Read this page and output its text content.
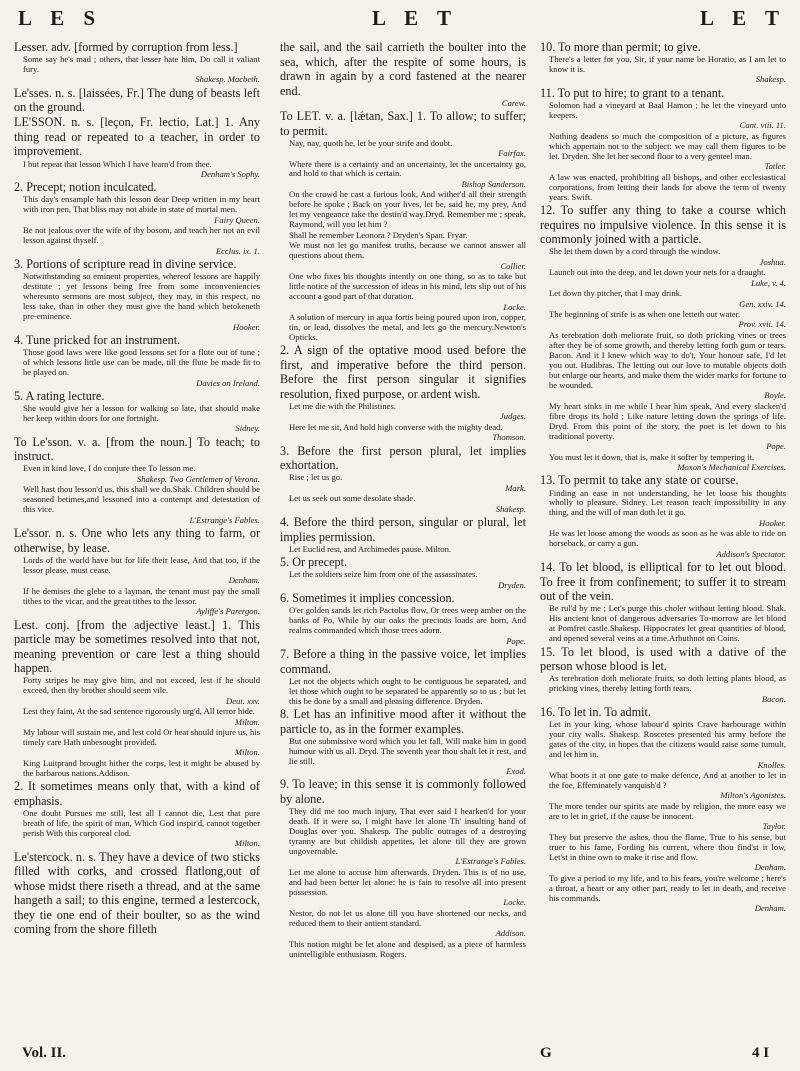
L E S	L E T	L E T

Lesser. adv. [formed by corruption from less.]

Some say he's mad ; others, that lesser hate him, Do call it valiant fury.

Shakesp. Macbeth.

Le'sses. n. s. [laissées, Fr.] The dung of beasts left on the ground.

LE'SSON. n. s. [leçon, Fr. lectio, Lat.] 1. Any thing read or repeated to a teacher, in order to improvement.

I but repeat that lesson Which I have learn'd from thee.

Denham's Sophy.

2. Precept; notion inculcated.

This day's ensample hath this lesson dear Deep written in my heart with iron pen, That bliss may not abide in state of mortal men.

Fairy Queen.

Be not jealous over the wife of thy bosom, and teach her not an evil lesson against thyself.

Ecclus. ix. 1.

3. Portions of scripture read in divine service.

Notwithstanding so eminent properties, whereof lessons are happily destitute ; yet lessons being free from some inconveniencies whereunto sermons are most subject, they may, in this respect, no less take, than in other they must give the hand which betokeneth pre-eminence.

Hooker.

4. Tune pricked for an instrument.

Those good laws were like good lessons set for a flute out of tune ; of which lessons little use can be made, till the flute be made fit to be played on.

Davies on Ireland.

5. A rating lecture.

She would give her a lesson for walking so late, that should make her keep within doors for one fortnight.

Sidney.

To Le'sson. v. a. [from the noun.] To teach; to instruct.

Even in kind love, I do conjure thee To lesson me.

Shakesp. Two Gentlemen of Verona.

Well hast thou lesson'd us, this shall we do.Shak. Children should be seasoned betimes,and lessoned into a contempt and detestation of this vice.

L'Estrange's Fables.

Le'ssor. n. s. One who lets any thing to farm, or otherwise, by lease.

Lords of the world have but for life their lease, And that too, if the lessor please, must cease.

Denham.

If he demises the glebe to a layman, the tenant must pay the small tithes to the vicar, and the great tithes to the lessor.

Ayliffe's Parergon.

Lest. conj. [from the adjective least.] 1. This particle may be sometimes resolved into that not, meaning prevention or care lest a thing should happen.

Forty stripes he may give him, and not exceed, lest if he should exceed, then thy brother should seem vile.

Deut. xxv.

Lest they faint, At the sad sentence rigorously urg'd, All terror hide.

Milton.

My labour will sustain me, and lest cold Or heat should injure us, his timely care Hath unbesought provided.

Milton.

King Luitprand brought hither the corps, lest it might be abused by the barbarous nations.Addison.

2. It sometimes means only that, with a kind of emphasis.

One doubt Pursues me still, lest all I cannot die, Lest that pure breath of life, the spirit of man, Which God inspir'd, cannot together perish With this corporeal clod.

Milton.

Le'stercock. n. s. They have a device of two sticks filled with corks, and crossed flatlong,out of whose midst there riseth a thread, and at the same hangeth a sail; to this engine, termed a lestercock, they tie one end of their boulter, so as the wind coming from the shore filleth

the sail, and the sail carrieth the boulter into the sea, which, after the respite of some hours, is drawn in again by a cord fastened at the nearer end.

Carew.

To LET. v. a. [lǽtan, Sax.] 1. To allow; to suffer; to permit.

Nay, nay, quoth he, let be your strife and doubt.

Fairfax.

Where there is a certainty and an uncertainty, let the uncertainty go, and hold to that which is certain.

Bishop Sanderson.

On the crowd he cast a furious look, And wither'd all their strength before he spoke ; Back on your lives, let be, said he, my prey, And let my vengeance take the destin'd way.Dryd. Remember me ; speak, Raymond, will you let him ?

Shall he remember Leonora ? Dryden's Span. Fryar.

We must not let go manifest truths, because we cannot answer all questions about them.

Collier.

One who fixes his thoughts intently on one thing, so as to take but little notice of the succession of ideas in his mind, lets slip out of his account a good part of that duration.

Locke.

A solution of mercury in aqua fortis being poured upon iron, copper, tin, or lead, dissolves the metal, and lets go the mercury.Newton's Opticks.

2. A sign of the optative mood used before the first, and imperative before the third person. Before the first person singular it signifies resolution, fixed purpose, or ardent wish.

Let me die with the Philistines.

Judges.

Here let me sit, And hold high converse with the mighty dead.

Thomson.

3. Before the first person plural, let implies exhortation.

Rise ; let us go.

Mark.

Let us seek out some desolate shade.

Shakesp.

4. Before the third person, singular or plural, let implies permission.

Let Euclid rest, and Archimedes pause. Milton.

5. Or precept.

Let the soldiers seize him from one of the assassinates.

Dryden.

6. Sometimes it implies concession.

O'er golden sands let rich Pactolus flow, Or trees weep amber on the banks of Po, While by our oaks the precious loads are born, And realms commanded which those trees adorn.

Pope.

7. Before a thing in the passive voice, let implies command.

Let not the objects which ought to be contiguous be separated, and let those which ought to be separated be apparently so to us ; but let this be done by a small and pleasing difference. Dryden.

8. Let has an infinitive mood after it without the particle to, as in the former examples.

But one submissive word which you let fall, Will make him in good humour with us all. Dryd. The seventh year thou shalt let it rest, and lie still.

Exod.

9. To leave; in this sense it is commonly followed by alone.

They did me too much injury, That ever said I hearken'd for your death. If it were so, I might have let alone Th' insulting hand of Douglas over you. Shakesp. The public outrages of a destroying tyranny are but childish appetites, let alone till they are grown ungovernable.

L'Estrange's Fables.

Let me alone to accuse him afterwards. Dryden. This is of no use, and had been better let alone: he is fain to resolve all into present possession.

Locke.

Nestor, do not let us alone till you have shortened our necks, and reduced them to their antient standard.

Addison.

This notion might be let alone and despised, as a piece of harmless unintelligible enthusiasm. Rogers.

10. To more than permit; to give.

There's a letter for you, Sir, if your name be Horatio, as I am let to know it is.

Shakesp.

11. To put to hire; to grant to a tenant.

Solomon had a vineyard at Baal Hamon ; he let the vineyard unto keepers.

Cant. viii. 11.

Nothing deadens so much the composition of a picture, as figures which appertain not to the subject: we may call them figures to be let. Dryden. She let her second floor to a very genteel man.

Tatler.

A law was enacted, prohibiting all bishops, and other ecclesiastical corporations, from letting their lands for above the term of twenty years. Swift.

12. To suffer any thing to take a course which requires no impulsive violence. In this sense it is commonly joined with a particle.

She let them down by a cord through the window.

Joshua.

Launch out into the deep, and let down your nets for a draught.

Luke, v. 4.

Let down thy pitcher, that I may drink.

Gen. xxiv. 14.

The beginning of strife is as when one letteth out water.

Prov. xvii. 14.

As terebration doth meliorate fruit, so doth pricking vines or trees after they be of some growth, and thereby letting forth gum or tears. Bacon. And it I knew which way to do't, Your honour safe, I'd let you out. Hudibras. The letting out our love to mutable objects doth but enlarge our hearts, and make them the wider marks for fortune to be wounded.

Boyle.

My heart sinks in me while I hear him speak, And every slacken'd fibre drops its hold ; Like nature letting down the springs of life. Dryd. From this point of the story, the poet is let down to his traditional poverty.

Pope.

You must let it down, that is, make it softer by tempering it.

Moxon's Mechanical Exercises.

13. To permit to take any state or course.

Finding an ease in not understanding, he let loose his thoughts wholly to pleasure. Sidney. Let reason teach impossibility in any thing, and the will of man doth let it go.

Hooker.

He was let loose among the woods as soon as he was able to ride on horseback, or carry a gun.

Addison's Spectator.

14. To let blood, is elliptical for to let out blood. To free it from confinement; to suffer it to stream out of the vein.

Be rul'd by me ; Let's purge this choler without letting blood. Shak. His ancient knot of dangerous adversaries To-morrow are let blood at Pomfret castle.Shakesp. Hippocrates let great quantities of blood, and opened several veins at a time.Arbuthnot on Coins.

15. To let blood, is used with a dative of the person whose blood is let.

As terebration doth meliorate fruits, so doth letting plants blood, as pricking vines, thereby letting forth tears.

Bacon.

16. To let in. To admit.

Let in your king, whose labour'd spirits Crave harbourage within your city walls. Shakesp. Roscetes presented his army before the gates of the city, in hopes that the citizens would raise some tumult, and let him in.

Knolles.

What boots it at one gate to make defence, And at another to let in the foe, Effeminately vanquish'd ?

Milton's Agonistes.

The more tender our spirits are made by religion, the more easy we are to let in grief, if the cause be innocent.

Taylor.

They but preserve the ashes, thou the flame, True to his sense, but truer to his fame, Fording his current, where thou find'st it low, Let'st in thine own to make it rise and flow.

Denham.

To give a period to my life, and to his fears, you're welcome ; here's a throat, a heart or any other part, ready to let in death, and receive his commands.

Denham.

Vol. II.	G	4 I
